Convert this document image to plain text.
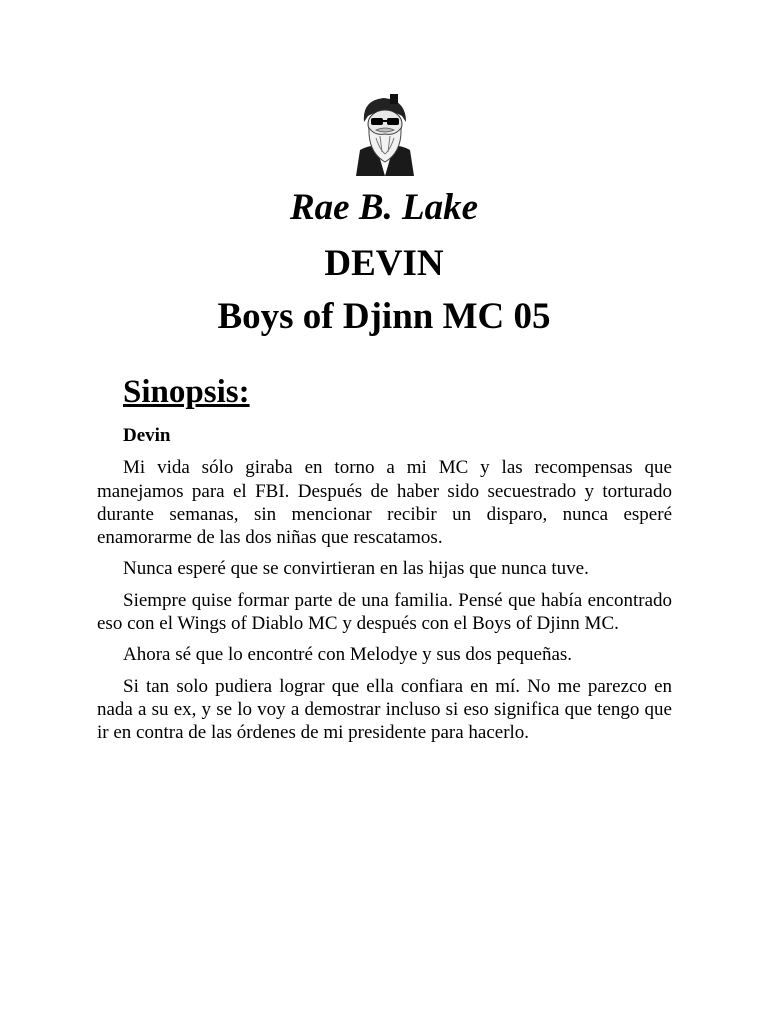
Rae B. Lake
DEVIN
Boys of Djinn MC 05
Sinopsis:

Devin

Mi vida sólo giraba en torno a mi MC y las recompensas que manejamos para el FBI. Después de haber sido secuestrado y torturado durante semanas, sin mencionar recibir un disparo, nunca esperé enamorarme de las dos niñas que rescatamos.

Nunca esperé que se convirtieran en las hijas que nunca tuve.

Siempre quise formar parte de una familia. Pensé que había encontrado eso con el Wings of Diablo MC y después con el Boys of Djinn MC.

Ahora sé que lo encontré con Melodye y sus dos pequeñas.

Si tan solo pudiera lograr que ella confiara en mí. No me parezco en nada a su ex, y se lo voy a demostrar incluso si eso significa que tengo que ir en contra de las órdenes de mi presidente para hacerlo.
